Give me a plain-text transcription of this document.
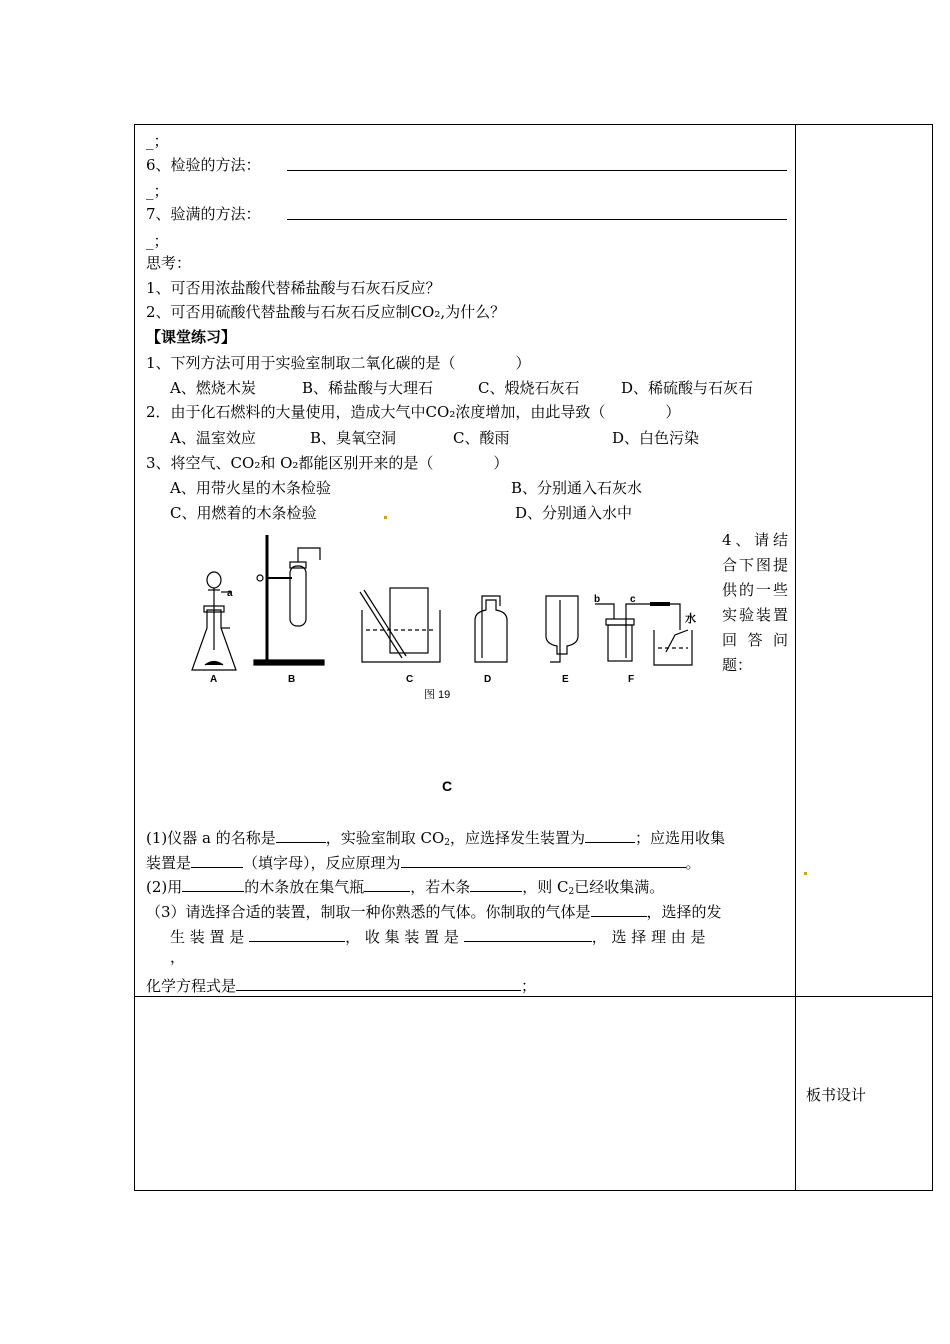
_；
6、检验的方法：
_；
7、验满的方法：
_；
思考：
1、可否用浓盐酸代替稀盐酸与石灰石反应？
2、可否用硫酸代替盐酸与石灰石反应制CO₂,为什么？
【课堂练习】
1、下列方法可用于实验室制取二氧化碳的是（　　　　）
A、燃烧木炭	B、稀盐酸与大理石	C、煅烧石灰石	D、稀硫酸与石灰石
2．由于化石燃料的大量使用，造成大气中CO₂浓度增加，由此导致（　　　　）
A、温室效应	B、臭氧空洞	C、酸雨	D、白色污染
3、将空气、CO₂和 O₂都能区别开来的是（　　　　）
A、用带火星的木条检验	B、分别通入石灰水
C、用燃着的木条检验	D、分别通入水中
4、请结合下图提供的一些实验装置回答问题：
A	B	C	D	E	F
a
b	c
水
图 19
C
(1)仪器 a 的名称是	，实验室制取 $CO_2$，应选择发生装置为	；应选用收集
装置是	（填字母），反应原理为	。
(2)用	的木条放在集气瓶	，若木条	，则 $C_2$已经收集满。
（3）请选择合适的装置，制取一种你熟悉的气体。你制取的气体是	，选择的发
生 装 置 是	， 收 集 装 置 是	， 选 择 理 由 是
，
化学方程式是	；
板书设计
